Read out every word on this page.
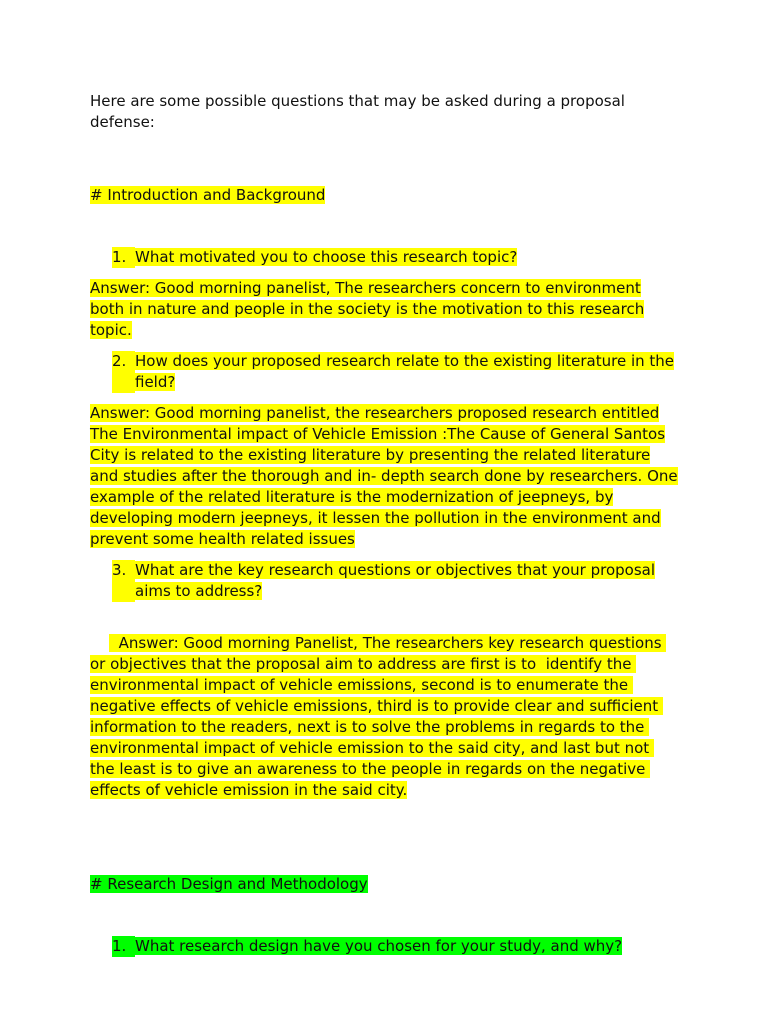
Here are some possible questions that may be asked during a proposal defense:

# Introduction and Background

1. What motivated you to choose this research topic?

Answer: Good morning panelist, The researchers concern to environment both in nature and people in the society is the motivation to this research topic.

2. How does your proposed research relate to the existing literature in the field?

Answer: Good morning panelist, the researchers proposed research entitled The Environmental impact of Vehicle Emission :The Cause of General Santos City is related to the existing literature by presenting the related literature and studies after the thorough and in- depth search done by researchers. One example of the related literature is the modernization of jeepneys, by developing modern jeepneys, it lessen the pollution in the environment and prevent some health related issues

3. What are the key research questions or objectives that your proposal aims to address?

Answer: Good morning Panelist, The researchers key research questions or objectives that the proposal aim to address are first is to  identify the environmental impact of vehicle emissions, second is to enumerate the negative effects of vehicle emissions, third is to provide clear and sufficient information to the readers, next is to solve the problems in regards to the environmental impact of vehicle emission to the said city, and last but not the least is to give an awareness to the people in regards on the negative effects of vehicle emission in the said city.

# Research Design and Methodology

1. What research design have you chosen for your study, and why?
